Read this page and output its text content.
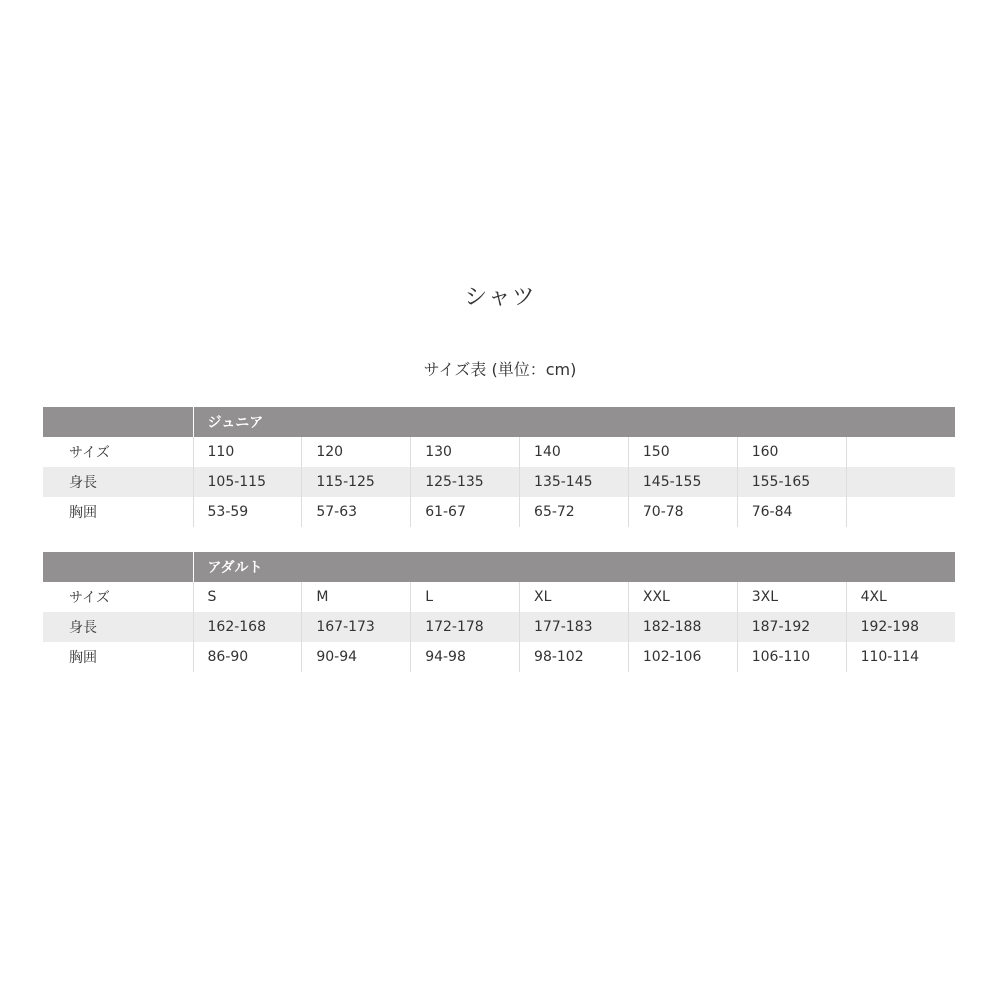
シャツ
サイズ表 (単位：cm)
	ジュニア						
サイズ	110	120	130	140	150	160	
身長	105-115	115-125	125-135	135-145	145-155	155-165	
胸囲	53-59	57-63	61-67	65-72	70-78	76-84	
	アダルト						
サイズ	S	M	L	XL	XXL	3XL	4XL
身長	162-168	167-173	172-178	177-183	182-188	187-192	192-198
胸囲	86-90	90-94	94-98	98-102	102-106	106-110	110-114
